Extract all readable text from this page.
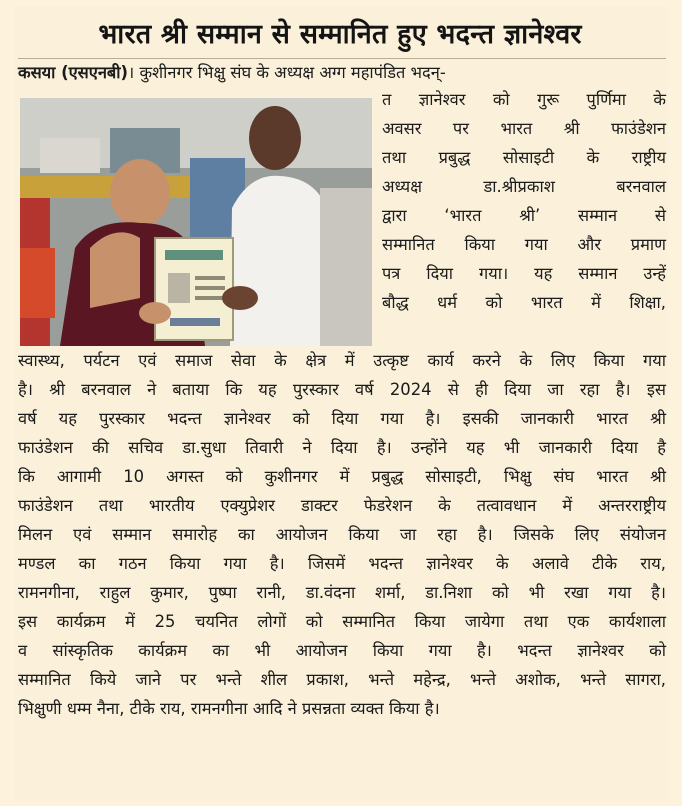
भारत श्री सम्मान से सम्मानित हुए भदन्त ज्ञानेश्वर
कसया (एसएनबी)। कुशीनगर भिक्षु संघ के अध्यक्ष अग्ग महापंडित भदन्-
त ज्ञानेश्वर को गुरू पुर्णिमा के
अवसर पर भारत श्री फाउंडेशन
तथा प्रबुद्ध सोसाइटी के राष्ट्रीय
अध्यक्ष डा.श्रीप्रकाश बरनवाल
द्वारा ‘भारत श्री’ सम्मान से
सम्मानित किया गया और प्रमाण
पत्र दिया गया। यह सम्मान उन्हें
बौद्ध धर्म को भारत में शिक्षा,
स्वास्थ्य, पर्यटन एवं समाज सेवा के क्षेत्र में उत्कृष्ट कार्य करने के लिए किया गया
है। श्री बरनवाल ने बताया कि यह पुरस्कार वर्ष 2024 से ही दिया जा रहा है। इस
वर्ष यह पुरस्कार भदन्त ज्ञानेश्वर को दिया गया है। इसकी जानकारी भारत श्री
फाउंडेशन की सचिव डा.सुधा तिवारी ने दिया है। उन्होंने यह भी जानकारी दिया है
कि आगामी 10 अगस्त को कुशीनगर में प्रबुद्ध सोसाइटी, भिक्षु संघ भारत श्री
फाउंडेशन तथा भारतीय एक्युप्रेशर डाक्टर फेडरेशन के तत्वावधान में अन्तरराष्ट्रीय
मिलन एवं सम्मान समारोह का आयोजन किया जा रहा है। जिसके लिए संयोजन
मण्डल का गठन किया गया है। जिसमें भदन्त ज्ञानेश्वर के अलावे टीके राय,
रामनगीना, राहुल कुमार, पुष्पा रानी, डा.वंदना शर्मा, डा.निशा को भी रखा गया है।
इस कार्यक्रम में 25 चयनित लोगों को सम्मानित किया जायेगा तथा एक कार्यशाला
व सांस्कृतिक कार्यक्रम का भी आयोजन किया गया है। भदन्त ज्ञानेश्वर को
सम्मानित किये जाने पर भन्ते शील प्रकाश, भन्ते महेन्द्र, भन्ते अशोक, भन्ते सागरा,
भिक्षुणी धम्म नैना, टीके राय, रामनगीना आदि ने प्रसन्नता व्यक्त किया है।
